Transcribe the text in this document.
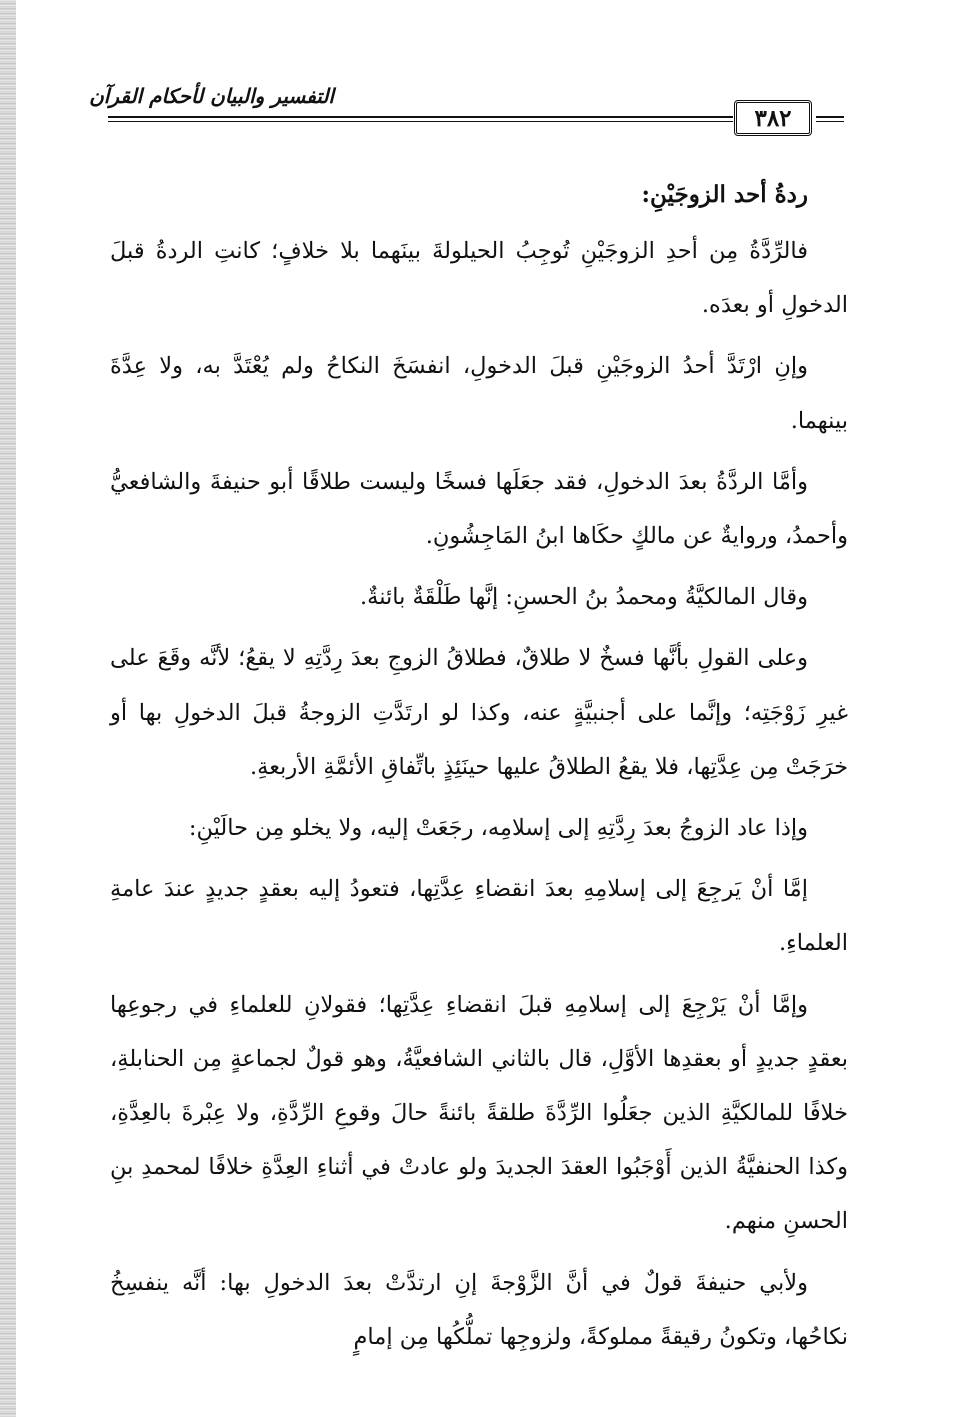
التفسير والبيان لأحكام القرآن
٣٨٢
ردةُ أحد الزوجَيْنِ:

فالرِّدَّةُ مِن أحدِ الزوجَيْنِ تُوجِبُ الحيلولةَ بينَهما بلا خلافٍ؛ كانتِ الردةُ قبلَ الدخولِ أو بعدَه.

وإنِ ارْتَدَّ أحدُ الزوجَيْنِ قبلَ الدخولِ، انفسَخَ النكاحُ ولم يُعْتَدَّ به، ولا عِدَّةَ بينهما.

وأمَّا الردَّةُ بعدَ الدخولِ، فقد جعَلَها فسخًا وليست طلاقًا أبو حنيفةَ والشافعيُّ وأحمدُ، وروايةٌ عن مالكٍ حكَاها ابنُ المَاجِشُونِ.

وقال المالكيَّةُ ومحمدُ بنُ الحسنِ: إنَّها طَلْقَةٌ بائنةٌ.

وعلى القولِ بأنَّها فسخٌ لا طلاقٌ، فطلاقُ الزوجِ بعدَ رِدَّتِهِ لا يقعُ؛ لأنَّه وقَعَ على غيرِ زَوْجَتِه؛ وإنَّما على أجنبيَّةٍ عنه، وكذا لو ارتَدَّتِ الزوجةُ قبلَ الدخولِ بها أو خرَجَتْ مِن عِدَّتِها، فلا يقعُ الطلاقُ عليها حينَئِذٍ باتِّفاقِ الأئمَّةِ الأربعةِ.

وإذا عاد الزوجُ بعدَ رِدَّتِهِ إلى إسلامِه، رجَعَتْ إليه، ولا يخلو مِن حالَيْنِ:

إمَّا أنْ يَرجِعَ إلى إسلامِهِ بعدَ انقضاءِ عِدَّتِها، فتعودُ إليه بعقدٍ جديدٍ عندَ عامةِ العلماءِ.

وإمَّا أنْ يَرْجِعَ إلى إسلامِهِ قبلَ انقضاءِ عِدَّتِها؛ فقولانِ للعلماءِ في رجوعِها بعقدٍ جديدٍ أو بعقدِها الأوَّلِ، قال بالثاني الشافعيَّةُ، وهو قولٌ لجماعةٍ مِن الحنابلةِ، خلافًا للمالكيَّةِ الذين جعَلُوا الرِّدَّةَ طلقةً بائنةً حالَ وقوعِ الرِّدَّةِ، ولا عِبْرةَ بالعِدَّةِ، وكذا الحنفيَّةُ الذين أَوْجَبُوا العقدَ الجديدَ ولو عادتْ في أثناءِ العِدَّةِ خلافًا لمحمدِ بنِ الحسنِ منهم.

ولأبي حنيفةَ قولٌ في أنَّ الزَّوْجةَ إنِ ارتدَّتْ بعدَ الدخولِ بها: أنَّه ينفسِخُ نكاحُها، وتكونُ رقيقةً مملوكةً، ولزوجِها تملُّكُها مِن إمامٍ
